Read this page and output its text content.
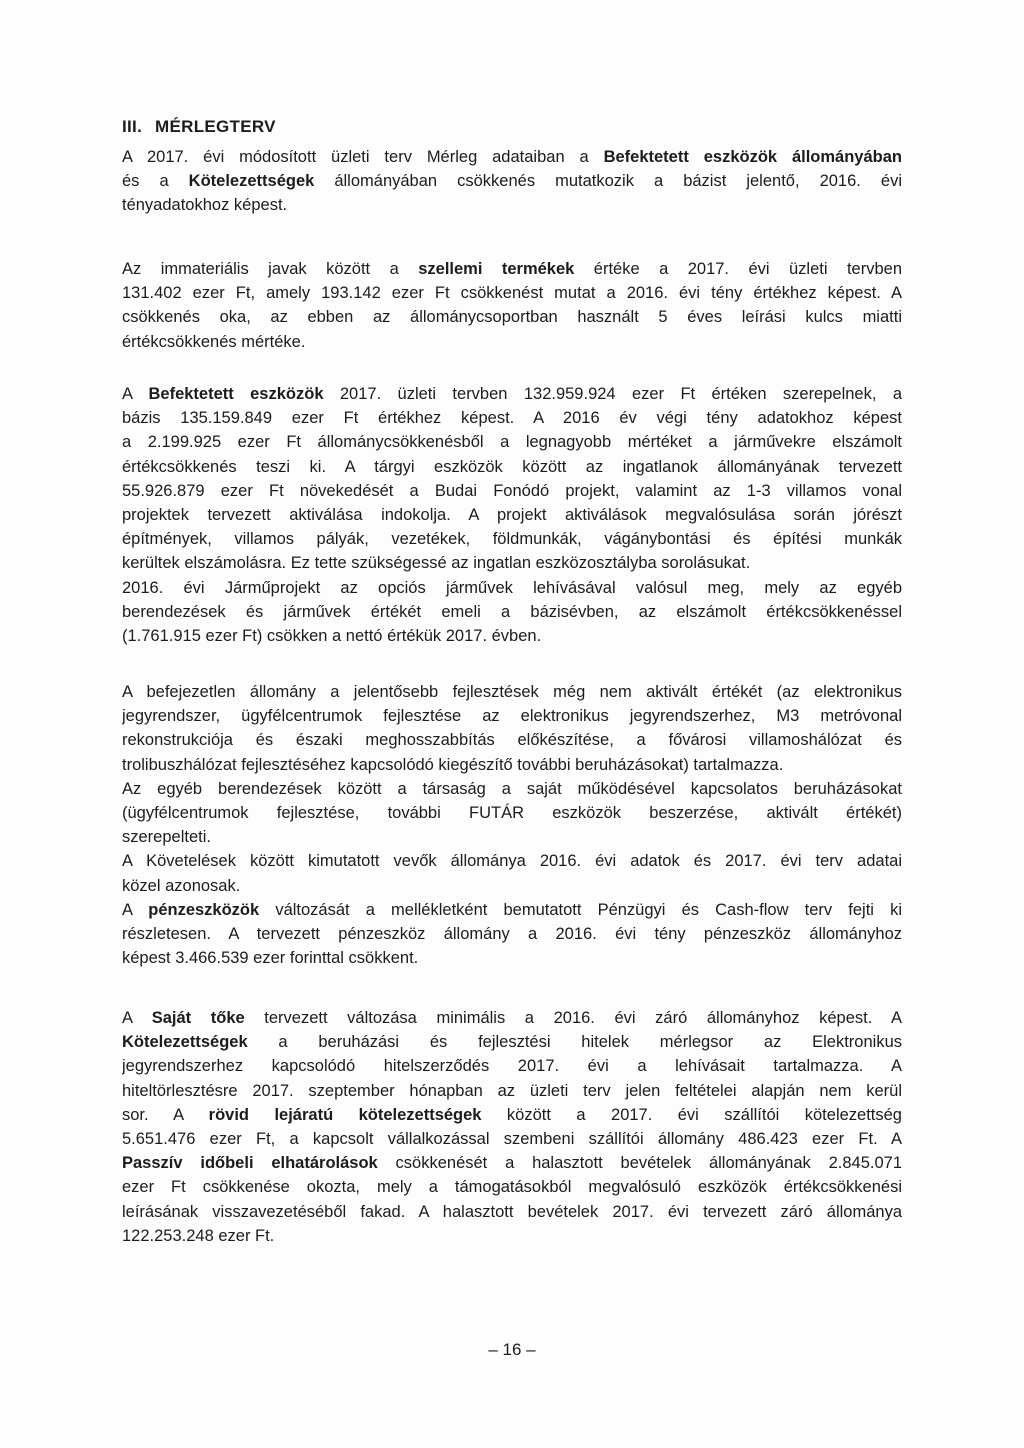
III. MÉRLEGTERV
A 2017. évi módosított üzleti terv Mérleg adataiban a Befektetett eszközök állományában
és a Kötelezettségek állományában csökkenés mutatkozik a bázist jelentő, 2016. évi
tényadatokhoz képest.
Az immateriális javak között a szellemi termékek értéke a 2017. évi üzleti tervben
131.402 ezer Ft, amely 193.142 ezer Ft csökkenést mutat a 2016. évi tény értékhez képest. A
csökkenés oka, az ebben az állománycsoportban használt 5 éves leírási kulcs miatti
értékcsökkenés mértéke.
A Befektetett eszközök 2017. üzleti tervben 132.959.924 ezer Ft értéken szerepelnek, a
bázis 135.159.849 ezer Ft értékhez képest. A 2016 év végi tény adatokhoz képest
a 2.199.925 ezer Ft állománycsökkenésből a legnagyobb mértéket a járművekre elszámolt
értékcsökkenés teszi ki. A tárgyi eszközök között az ingatlanok állományának tervezett
55.926.879 ezer Ft növekedését a Budai Fonódó projekt, valamint az 1-3 villamos vonal
projektek tervezett aktiválása indokolja. A projekt aktiválások megvalósulása során jórészt
építmények, villamos pályák, vezetékek, földmunkák, vágánybontási és építési munkák
kerültek elszámolásra. Ez tette szükségessé az ingatlan eszközosztályba sorolásukat.
2016. évi Járműprojekt az opciós járművek lehívásával valósul meg, mely az egyéb
berendezések és járművek értékét emeli a bázisévben, az elszámolt értékcsökkenéssel
(1.761.915 ezer Ft) csökken a nettó értékük 2017. évben.
A befejezetlen állomány a jelentősebb fejlesztések még nem aktivált értékét (az elektronikus
jegyrendszer, ügyfélcentrumok fejlesztése az elektronikus jegyrendszerhez, M3 metróvonal
rekonstrukciója és északi meghosszabbítás előkészítése, a fővárosi villamoshálózat és
trolibuszhálózat fejlesztéséhez kapcsolódó kiegészítő további beruházásokat) tartalmazza.
Az egyéb berendezések között a társaság a saját működésével kapcsolatos beruházásokat
(ügyfélcentrumok fejlesztése, további FUTÁR eszközök beszerzése, aktivált értékét)
szerepelteti.
A Követelések között kimutatott vevők állománya 2016. évi adatok és 2017. évi terv adatai
közel azonosak.
A pénzeszközök változását a mellékletként bemutatott Pénzügyi és Cash-flow terv fejti ki
részletesen. A tervezett pénzeszköz állomány a 2016. évi tény pénzeszköz állományhoz
képest 3.466.539 ezer forinttal csökkent.
A Saját tőke tervezett változása minimális a 2016. évi záró állományhoz képest. A
Kötelezettségek a beruházási és fejlesztési hitelek mérlegsor az Elektronikus
jegyrendszerhez kapcsolódó hitelszerződés 2017. évi a lehívásait tartalmazza. A
hiteltörlesztésre 2017. szeptember hónapban az üzleti terv jelen feltételei alapján nem kerül
sor. A rövid lejáratú kötelezettségek között a 2017. évi szállítói kötelezettség
5.651.476 ezer Ft, a kapcsolt vállalkozással szembeni szállítói állomány 486.423 ezer Ft. A
Passzív időbeli elhatárolások csökkenését a halasztott bevételek állományának 2.845.071
ezer Ft csökkenése okozta, mely a támogatásokból megvalósuló eszközök értékcsökkenési
leírásának visszavezetéséből fakad. A halasztott bevételek 2017. évi tervezett záró állománya
122.253.248 ezer Ft.
– 16 –
